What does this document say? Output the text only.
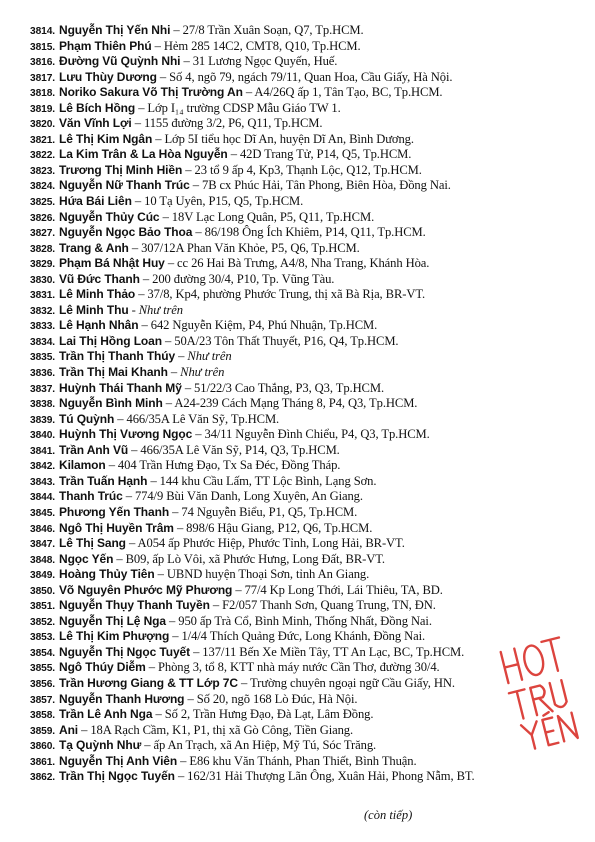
3814. Nguyễn Thị Yến Nhi – 27/8 Trần Xuân Soạn, Q7, Tp.HCM.
3815. Phạm Thiên Phú – Hẻm 285 14C2, CMT8, Q10, Tp.HCM.
3816. Đường Vũ Quỳnh Nhi – 31 Lương Ngọc Quyến, Huế.
3817. Lưu Thùy Dương – Số 4, ngõ 79, ngách 79/11, Quan Hoa, Cầu Giấy, Hà Nội.
3818. Noriko Sakura Võ Thị Trường An – A4/26Q ấp 1, Tân Tạo, BC, Tp.HCM.
3819. Lê Bích Hồng – Lớp I₁₄ trường CDSP Mẫu Giáo TW 1.
3820. Văn Vĩnh Lợi – 1155 đường 3/2, P6, Q11, Tp.HCM.
3821. Lê Thị Kim Ngân – Lớp 5I tiểu học Dĩ An, huyện Dĩ An, Bình Dương.
3822. La Kim Trân & La Hòa Nguyễn – 42D Trang Tử, P14, Q5, Tp.HCM.
3823. Trương Thị Minh Hiền – 23 tổ 9 ấp 4, Kp3, Thạnh Lộc, Q12, Tp.HCM.
3824. Nguyễn Nữ Thanh Trúc – 7B cx Phúc Hải, Tân Phong, Biên Hòa, Đồng Nai.
3825. Hứa Bái Liên – 10 Tạ Uyên, P15, Q5, Tp.HCM.
3826. Nguyễn Thủy Cúc – 18V Lạc Long Quân, P5, Q11, Tp.HCM.
3827. Nguyễn Ngọc Bảo Thoa – 86/198 Ông Ích Khiêm, P14, Q11, Tp.HCM.
3828. Trang & Anh – 307/12A Phan Văn Khỏe, P5, Q6, Tp.HCM.
3829. Phạm Bá Nhật Huy – cc 26 Hai Bà Trưng, A4/8, Nha Trang, Khánh Hòa.
3830. Vũ Đức Thanh – 200 đường 30/4, P10, Tp. Vũng Tàu.
3831. Lê Minh Thảo – 37/8, Kp4, phường Phước Trung, thị xã Bà Rịa, BR-VT.
3832. Lê Minh Thu - Như trên
3833. Lê Hạnh Nhân – 642 Nguyễn Kiệm, P4, Phú Nhuận, Tp.HCM.
3834. Lai Thị Hồng Loan – 50A/23 Tôn Thất Thuyết, P16, Q4, Tp.HCM.
3835. Trần Thị Thanh Thúy – Như trên
3836. Trần Thị Mai Khanh – Như trên
3837. Huỳnh Thái Thanh Mỹ – 51/22/3 Cao Thắng, P3, Q3, Tp.HCM.
3838. Nguyễn Bình Minh – A24-239 Cách Mạng Tháng 8, P4, Q3, Tp.HCM.
3839. Tú Quỳnh – 466/35A Lê Văn Sỹ, Tp.HCM.
3840. Huỳnh Thị Vương Ngọc – 34/11 Nguyễn Đình Chiểu, P4, Q3, Tp.HCM.
3841. Trần Anh Vũ – 466/35A Lê Văn Sỹ, P14, Q3, Tp.HCM.
3842. Kilamon – 404 Trần Hưng Đạo, Tx Sa Đéc, Đồng Tháp.
3843. Trần Tuấn Hạnh – 144 khu Cầu Lấm, TT Lộc Bình, Lạng Sơn.
3844. Thanh Trúc – 774/9 Bùi Văn Danh, Long Xuyên, An Giang.
3845. Phương Yến Thanh – 74 Nguyễn Biểu, P1, Q5, Tp.HCM.
3846. Ngô Thị Huyền Trâm – 898/6 Hậu Giang, P12, Q6, Tp.HCM.
3847. Lê Thị Sang – A054 ấp Phước Hiệp, Phước Tỉnh, Long Hải, BR-VT.
3848. Ngọc Yến – B09, ấp Lò Vôi, xã Phước Hưng, Long Đất, BR-VT.
3849. Hoàng Thủy Tiên – UBND huyện Thoại Sơn, tỉnh An Giang.
3850. Võ Nguyên Phước Mỹ Phương – 77/4 Kp Long Thới, Lái Thiêu, TA, BD.
3851. Nguyễn Thụy Thanh Tuyền – F2/057 Thanh Sơn, Quang Trung, TN, ĐN.
3852. Nguyễn Thị Lệ Nga – 950 ấp Trà Cổ, Bình Minh, Thống Nhất, Đồng Nai.
3853. Lê Thị Kim Phượng – 1/4/4 Thích Quảng Đức, Long Khánh, Đồng Nai.
3854. Nguyễn Thị Ngọc Tuyết – 137/11 Bến Xe Miền Tây, TT An Lạc, BC, Tp.HCM.
3855. Ngô Thúy Diễm – Phòng 3, tổ 8, KTT nhà máy nước Cần Thơ, đường 30/4.
3856. Trần Hương Giang & TT Lớp 7C – Trường chuyên ngoại ngữ Cầu Giấy, HN.
3857. Nguyễn Thanh Hương – Số 20, ngõ 168 Lò Đúc, Hà Nội.
3858. Trần Lê Anh Nga – Số 2, Trần Hưng Đạo, Đà Lạt, Lâm Đồng.
3859. Ani – 18A Rạch Cầm, K1, P1, thị xã Gò Công, Tiền Giang.
3860. Tạ Quỳnh Như – ấp An Trạch, xã An Hiệp, Mỹ Tú, Sóc Trăng.
3861. Nguyễn Thị Anh Viên – E86 khu Văn Thánh, Phan Thiết, Bình Thuận.
3862. Trần Thị Ngọc Tuyến – 162/31 Hải Thượng Lãn Ông, Xuân Hải, Phong Nẫm, BT.
(còn tiếp)
